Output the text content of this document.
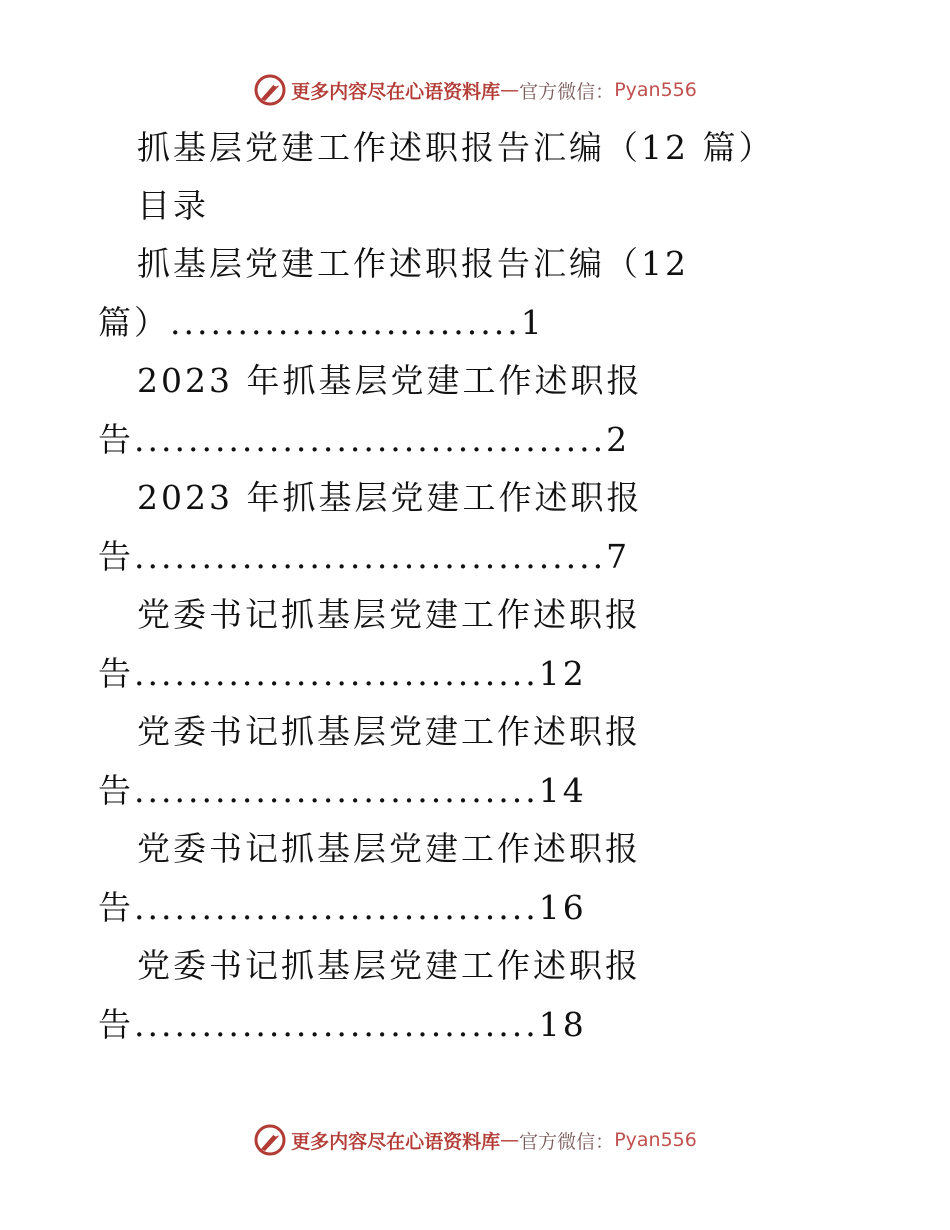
更多内容尽在心语资料库 — 官方微信： Pyan556
抓基层党建工作述职报告汇编（12 篇）
目录
抓基层党建工作述职报告汇编（12
篇）..........................1
2023 年抓基层党建工作述职报
告...................................2
2023 年抓基层党建工作述职报
告...................................7
党委书记抓基层党建工作述职报
告..............................12
党委书记抓基层党建工作述职报
告..............................14
党委书记抓基层党建工作述职报
告..............................16
党委书记抓基层党建工作述职报
告..............................18
更多内容尽在心语资料库 — 官方微信： Pyan556
